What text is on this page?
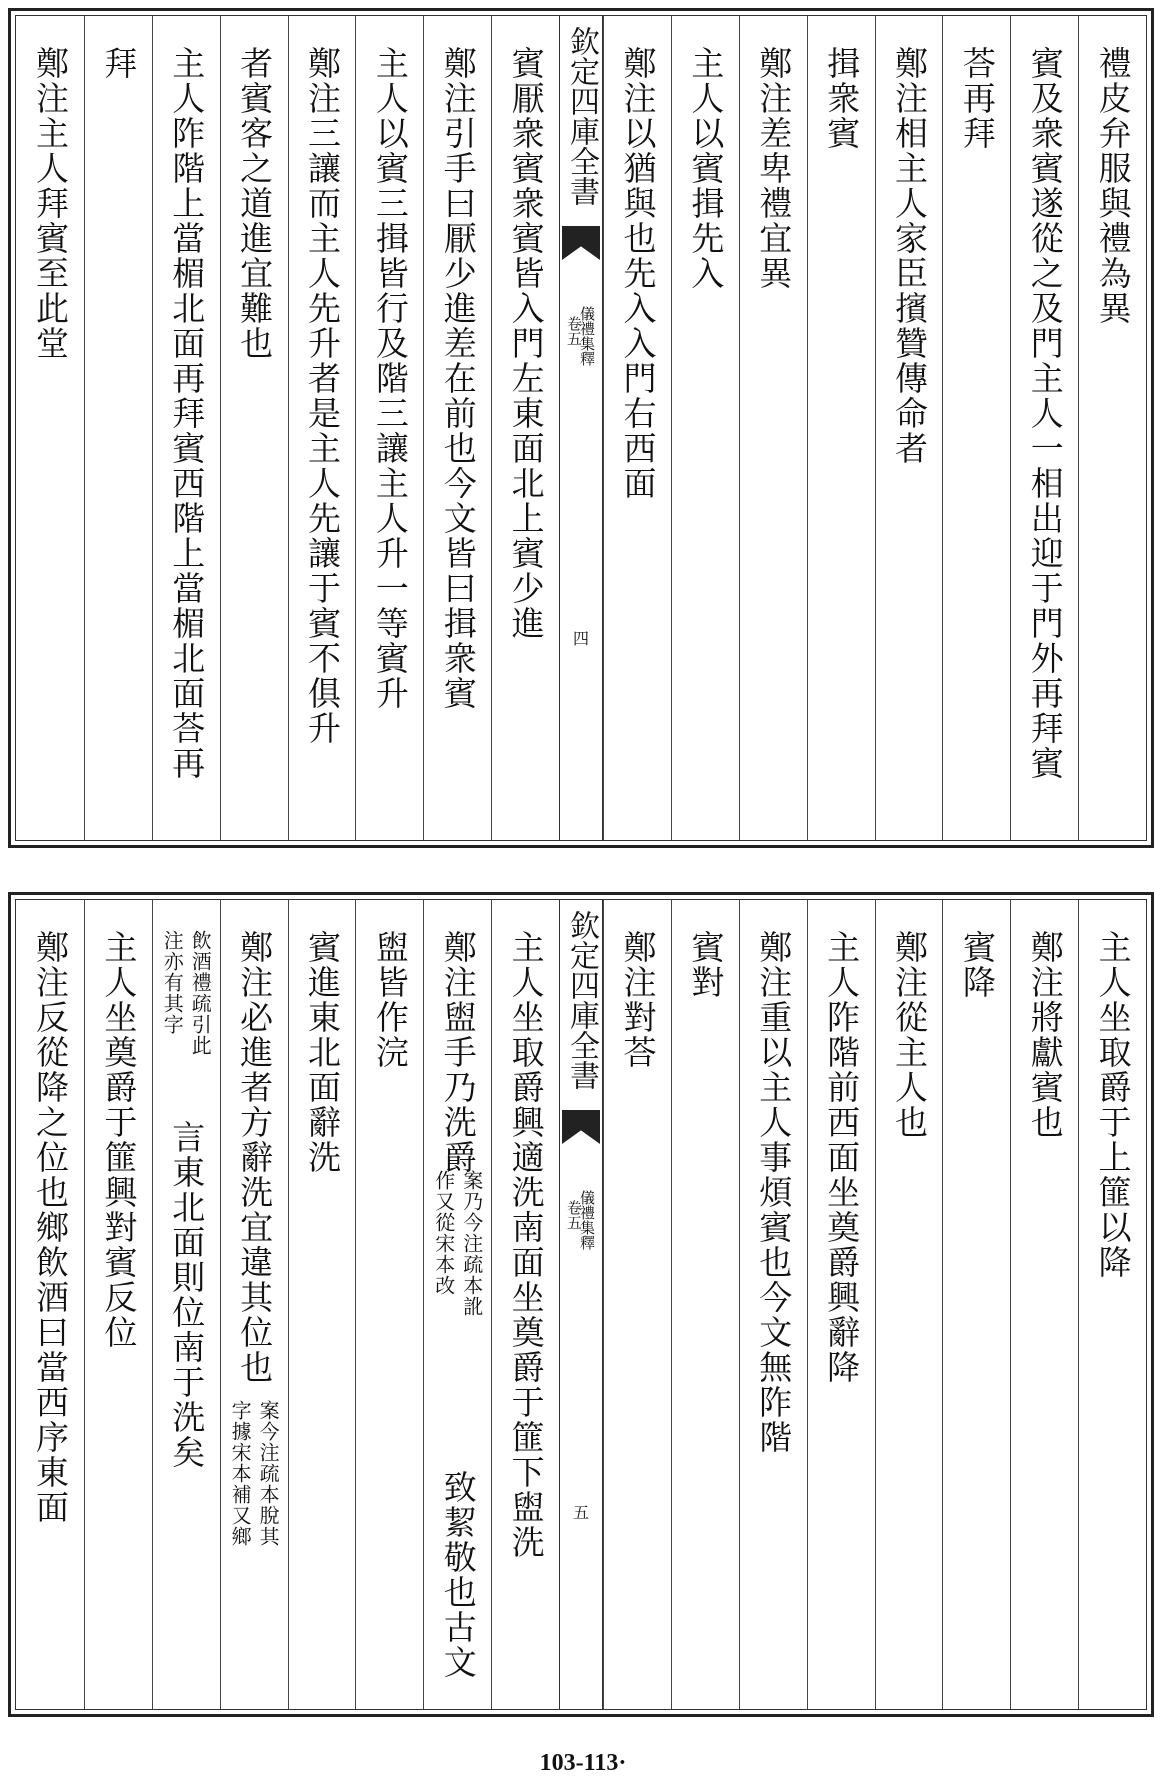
禮皮弁服與禮為異
賓及衆賓遂從之及門主人一相出迎于門外再拜賓
荅再拜
鄭注相主人家臣擯贊傳命者
揖衆賓
鄭注差卑禮宜異
主人以賓揖先入
鄭注以猶與也先入入門右西面
欽定四庫全書
儀禮集釋
卷五
四
賓厭衆賓衆賓皆入門左東面北上賓少進
鄭注引手曰厭少進差在前也今文皆曰揖衆賓
主人以賓三揖皆行及階三讓主人升一等賓升
鄭注三讓而主人先升者是主人先讓于賓不俱升
者賓客之道進宜難也
主人阼階上當楣北面再拜賓西階上當楣北面荅再
拜
鄭注主人拜賓至此堂
主人坐取爵于上篚以降
鄭注將獻賓也
賓降
鄭注從主人也
主人阼階前西面坐奠爵興辭降
鄭注重以主人事煩賓也今文無阼階
賓對
鄭注對荅
欽定四庫全書
儀禮集釋
卷五
五
主人坐取爵興適洗南面坐奠爵于篚下盥洗
鄭注盥手乃洗爵
案乃今注疏本訛
作又從宋本改
致絜敬也古文
盥皆作浣
賓進東北面辭洗
鄭注必進者方辭洗宜違其位也
案今注疏本脫其
字據宋本補又鄉
言東北面則位南于洗矣
飲酒禮疏引此
注亦有其字
主人坐奠爵于篚興對賓反位
鄭注反從降之位也鄉飲酒曰當西序東面
103-113·
